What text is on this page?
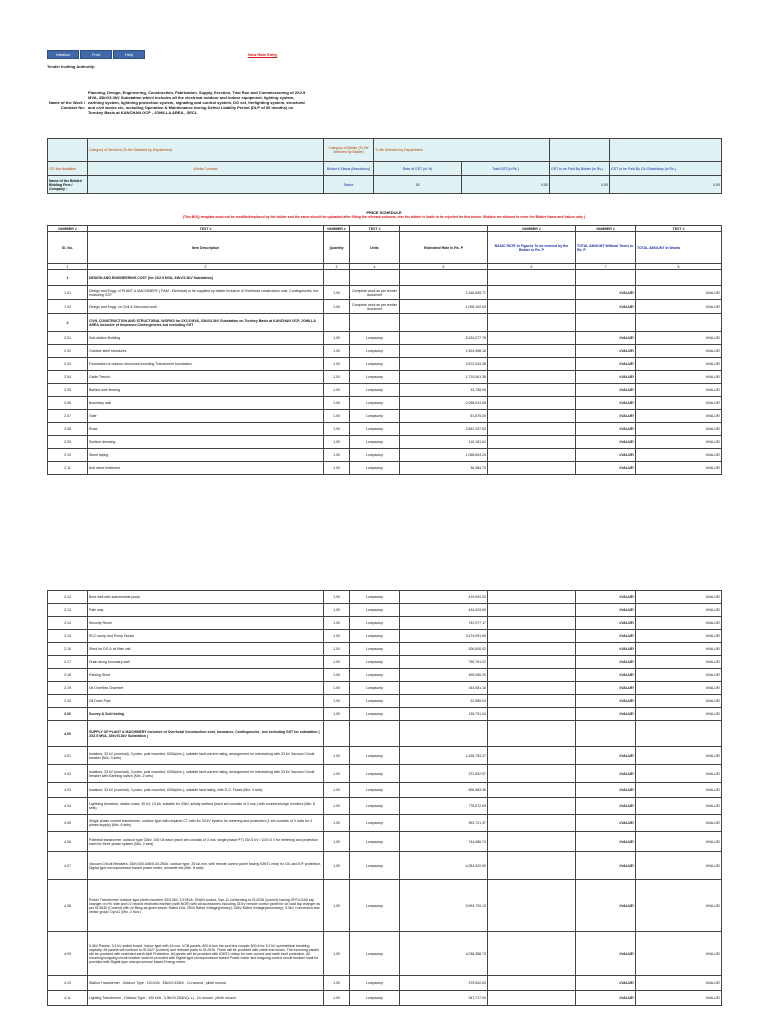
Initialize	Print	Help	New Rate Entry
Tender Inviting Authority:
Name of the Work / Contract No:
Planning, Design, Engineering, Construction, Fabrication, Supply, Erection, Trial Run and Commissioning of 2X2.5 MVA, 33kV/3.3kV Substation which includes all the electrical outdoor and indoor equipment, lighting system, earthing system, lightning protection system, signaling and control system, DG set, firefighting system, structural and civil works etc. including Operation & Maintenance during Defect Liability Period (DLP of 60 months) on Turnkey Basis at KANCHAN OCP , JOHILLA AREA , SECL
	Category of Services (To Be Selected by Department)	Category of Bidder (To Be Selected by Bidder)	To Be Selected by Department			
ITC Not Available	Works Contract	Bidder's Status (Mandatory)	Rate of GST (in %)	Total GST(in Rs.)	GST to be Paid By Bidder (in Rs.)	GST to be Paid By CIL/Subsidiary (in Rs.)
Name of the Bidder/ Bidding Firm / Company :		Select	18	0.00	0.00	0.00
PRICE SCHEDULE
(This BOQ template must not be modified/replaced by the bidder and the same should be uploaded after filling the relevant columns, else the bidder is liable to be rejected for this tender. Bidders are allowed to enter the Bidder Name and Values only )
NUMBER #	TEXT #	NUMBER #	TEXT #		NUMBER #	NUMBER #	TEXT #
Sl. No.	Item Description	Quantity	Units	Estimated Rate in Rs. P	BASIC RATE In Figures To be entered by the Bidder in Rs. P	TOTAL AMOUNT Without Taxes in Rs. P	TOTAL AMOUNT In Words
1	2	3	4	5	6	7	8
1	DESIGN AND ENGINEERING COST (for 2X2.5 MVA, 33kV/3.3kV Substation)						
1.01	Design and Engg. of PLANT & MACHINERY ( P&M - Electrical) to be supplied by bidder inclusive of Overhead construction cost, Contingencies, but excluding GST	1.00	Complete work as per tender document	2,166,605.77		#VALUE!	#VALUE!
1.02	Design and Engg. on Civil & Structural work	1.00	Complete work as per tender document	1,008,102.63		#VALUE!	#VALUE!
2	CIVIL CONSTRUCTION AND STRUCTURAL WORKS for 2X2.5 MVA, 33kV/3.3kV Substation on Turnkey Basis at KANCHAN OCP, JOHILLA AREA inclusive of Insurance,Contingencies but excluding GST						
2.01	Sub-station Building	1.00	Lumpsump	8,324,077.78		#VALUE!	#VALUE!
2.02	Outdoor steel structures	1.00	Lumpsump	1,524,988.16		#VALUE!	#VALUE!
2.03	Foundation of outdoor structures including Transformer foundation	1.00	Lumpsump	2,672,043.38		#VALUE!	#VALUE!
2.04	Cable Trench	1.00	Lumpsump	1,710,061.38		#VALUE!	#VALUE!
2.05	Barbed wire fencing	1.00	Lumpsump	33,798.05		#VALUE!	#VALUE!
2.06	Boundary wall	1.00	Lumpsump	2,098,024.08		#VALUE!	#VALUE!
2.07	Gate	1.00	Lumpsump	51,875.00		#VALUE!	#VALUE!
2.08	Road	1.00	Lumpsump	2,642,297.63		#VALUE!	#VALUE!
2.09	Surface dressing	1.00	Lumpsump	115,181.61		#VALUE!	#VALUE!
2.10	Stone laying	1.00	Lumpsump	1,068,604.24		#VALUE!	#VALUE!
2.11	Anti weed treatment	1.00	Lumpsump	36,384.73		#VALUE!	#VALUE!
2.12	Bore well with submersible pump	1.00	Lumpsump	419,000.00		#VALUE!	#VALUE!
2.13	Path way	1.00	Lumpsump	434,003.60		#VALUE!	#VALUE!
2.14	Security Room	1.00	Lumpsump	742,977.17		#VALUE!	#VALUE!
2.15	RCC sump and Pump House	1.00	Lumpsump	3,474,991.69		#VALUE!	#VALUE!
2.16	Shed for DG & oil filter unit	1.00	Lumpsump	206,506.02		#VALUE!	#VALUE!
2.17	Drain along boundary wall	1.00	Lumpsump	799,761.02		#VALUE!	#VALUE!
2.18	Parking Shed	1.00	Lumpsump	495,066.29		#VALUE!	#VALUE!
2.19	Oil Overflow Chamber	1.00	Lumpsump	163,081.16		#VALUE!	#VALUE!
2.20	Oil Drain Pipe	1.00	Lumpsump	22,989.04		#VALUE!	#VALUE!
3.00	Survey & Soil testing	1.00	Lumpsump	135,791.04		#VALUE!	#VALUE!
4.00	SUPPLY OF PLANT & MACHINERY inclusive of Overhead Construction cost, Insurance, Contingencies , but excluding GST for substation ( 2X2.5 MVA, 33kV/3.3kV Substation )						
4.01	Isolators, 33 kV (nominal), 3 poles, pole mounted, 630A(min.), suitable fault current rating, arrangement for interlocking with 33 kV Vacuum Circuit breaker (Min. 3 sets)	1.00	Lumpsump	1,436,794.27		#VALUE!	#VALUE!
4.02	Isolators, 33 kV (nominal), 3 poles, pole mounted, 630A(min.), suitable fault current rating, arrangement for interlocking with 33 kV Vacuum Circuit breaker with Earthing switch (Min. 2 sets)	1.00	Lumpsump	372,832.57		#VALUE!	#VALUE!
4.03	Isolators, 33 kV (nominal), 3 poles, pole mounted, 630A(min.), suitable fault rating, with D.O. Fuses (Min. 4 sets)	1.00	Lumpsump	906,983.35		#VALUE!	#VALUE!
4.04	Lightning Arrestors, station class, 30 kV, 10 kA, suitable for 33kV, solidly earthed (each set consists of 3 nos.) with counters/surge monitors (Min. 8 sets)	1.00	Lumpsump	778,572.63		#VALUE!	#VALUE!
4.05	Single phase current transformer ,outdoor type with required CT ratio for 33 kV system for metering and protection (1 set consists of 3 units for 3 phase supply) (Min. 6 sets)	1.00	Lumpsump	993,721.37		#VALUE!	#VALUE!
4.06	Potential transformer ,outdoor type 33kV, 100 VA each (each set consists of 3 nos. single phase PT) 33/√3 kV / 110/√3 V for metering and protection each for three phase system (Min. 2 sets)	1.00	Lumpsump	744,086.74		#VALUE!	#VALUE!
4.07	Vacuum Circuit Breakers, 33kV,630 A/800 A/1250A, outdoor type, 25 kA min. with remote control panel having IDMTL relay for O/L and E/F protection, Digital type microprocessor based power meter, ammeter etc (Min. 8 sets)	1.00	Lumpsump	4,084,920.90		#VALUE!	#VALUE!
4.08	Power Transformer outdoor type plinth mounted 33/3.3kV, 2.5 MVA, ONAN cooled, Dyn-11 conforming to IS:2026 (current) having OFF/LOAD tap changer on HV side and LV neutral restricted earthed (with NGR) with all accessories including 33 kV remote control panel for on load tap changer as per IS:3639 (Current) with oil filling as given below. Rated kVA: 2500 Rated Voltage(primary): 33kV Rated Voltage(secondary): 3.3kV Connection and vector group: Dyn11 (Min. 2 Nos.)	1.00	Lumpsump	9,993,709.13		#VALUE!	#VALUE!
4.09	3.3kV Panels, 3.3 kV switch board, indoor type with 16 nos. VCB panels, 800 A bus bar and bus coupler 800 A for 3.3 kV symmetrical breaking capacity. All panels will conform to IS:3427 (current) and relevant parts to IS:2516. There will be provided with cable end boxes. The incoming panels will be provided with restricted earth fault Protection. All panels will be provided with IDMTL relays for over current and earth fault protection. All incoming/outgoing circuit breaker shall be provided with Digital type microprocessor based Power meter and outgoing control circuit breaker shall be provided with Digital type microprocessor based Energy meter.	1.00	Lumpsump	4,038,388.73		#VALUE!	#VALUE!
4.10	Station Transformer , Outdoor Type : 100 kVA , 33kV/0.433kV , Cu wound , plinth mound	1.00	Lumpsump	375,502.63		#VALUE!	#VALUE!
4.11	Lighting Transformer , Outdoor Type : 100 kVA , 3.3kV/0.230kV(L-L) , Cu wound , plinth mound	1.00	Lumpsump	347,717.94		#VALUE!	#VALUE!
